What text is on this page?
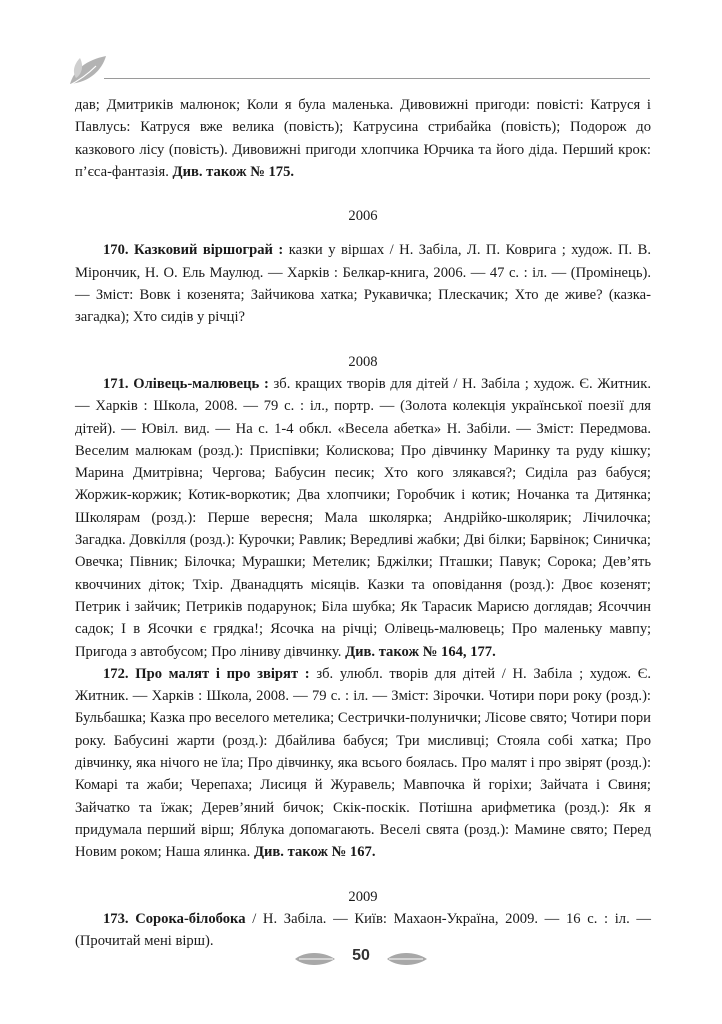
дав; Дмитриків малюнок; Коли я була маленька. Дивовижні пригоди: повісті: Катруся і Павлусь: Катруся вже велика (повість); Катрусина стрибайка (повість); Подорож до казкового лісу (повість). Дивовижні пригоди хлопчика Юрчика та його діда. Перший крок: п’єса-фантазія. Див. також № 175.

2006

170. Казковий віршограй : казки у віршах / Н. Забіла, Л. П. Коврига ; худож. П. В. Мірончик, Н. О. Ель Маулюд. — Харків : Белкар-книга, 2006. — 47 с. : іл. — (Промінець). — Зміст: Вовк і козенята; Зайчикова хатка; Рукавичка; Плескачик; Хто де живе? (казка-загадка); Хто сидів у річці?

2008

171. Олівець-малювець : зб. кращих творів для дітей / Н. Забіла ; худож. Є. Житник. — Харків : Школа, 2008. — 79 с. : іл., портр. — (Золота колекція української поезії для дітей). — Ювіл. вид. — На с. 1-4 обкл. «Весела абетка» Н. Забіли. — Зміст: Передмова. Веселим малюкам (розд.): Приспівки; Колискова; Про дівчинку Маринку та руду кішку; Марина Дмитрівна; Чергова; Бабусин песик; Хто кого злякався?; Сиділа раз бабуся; Жоржик-коржик; Котик-воркотик; Два хлопчики; Горобчик і котик; Ночанка та Дитянка; Школярам (розд.): Перше вересня; Мала школярка; Андрійко-школярик; Лічилочка; Загадка. Довкілля (розд.): Курочки; Равлик; Вередливі жабки; Дві білки; Барвінок; Синичка; Овечка; Півник; Білочка; Мурашки; Метелик; Бджілки; Пташки; Павук; Сорока; Дев’ять квоччиних діток; Тхір. Дванадцять місяців. Казки та оповідання (розд.): Двоє козенят; Петрик і зайчик; Петриків подарунок; Біла шубка; Як Тарасик Марисю доглядав; Ясоччин садок; І в Ясочки є грядка!; Ясочка на річці; Олівець-малювець; Про маленьку мавпу; Пригода з автобусом; Про ліниву дівчинку. Див. також № 164, 177.

172. Про малят і про звірят : зб. улюбл. творів для дітей / Н. Забіла ; худож. Є. Житник. — Харків : Школа, 2008. — 79 с. : іл. — Зміст: Зірочки. Чотири пори року (розд.): Бульбашка; Казка про веселого метелика; Сестрички-полунички; Лісове свято; Чотири пори року. Бабусині жарти (розд.): Дбайлива бабуся; Три мисливці; Стояла собі хатка; Про дівчинку, яка нічого не їла; Про дівчинку, яка всього боялась. Про малят і про звірят (розд.): Комарі та жаби; Черепаха; Лисиця й Журавель; Мавпочка й горіхи; Зайчата і Свиня; Зайчатко та їжак; Дерев’яний бичок; Скік-поскік. Потішна арифметика (розд.): Як я придумала перший вірш; Яблука допомагають. Веселі свята (розд.): Мамине свято; Перед Новим роком; Наша ялинка. Див. також № 167.

2009

173. Сорока-білобока / Н. Забіла. — Київ: Махаон-Україна, 2009. — 16 с. : іл. — (Прочитай мені вірш).

50
